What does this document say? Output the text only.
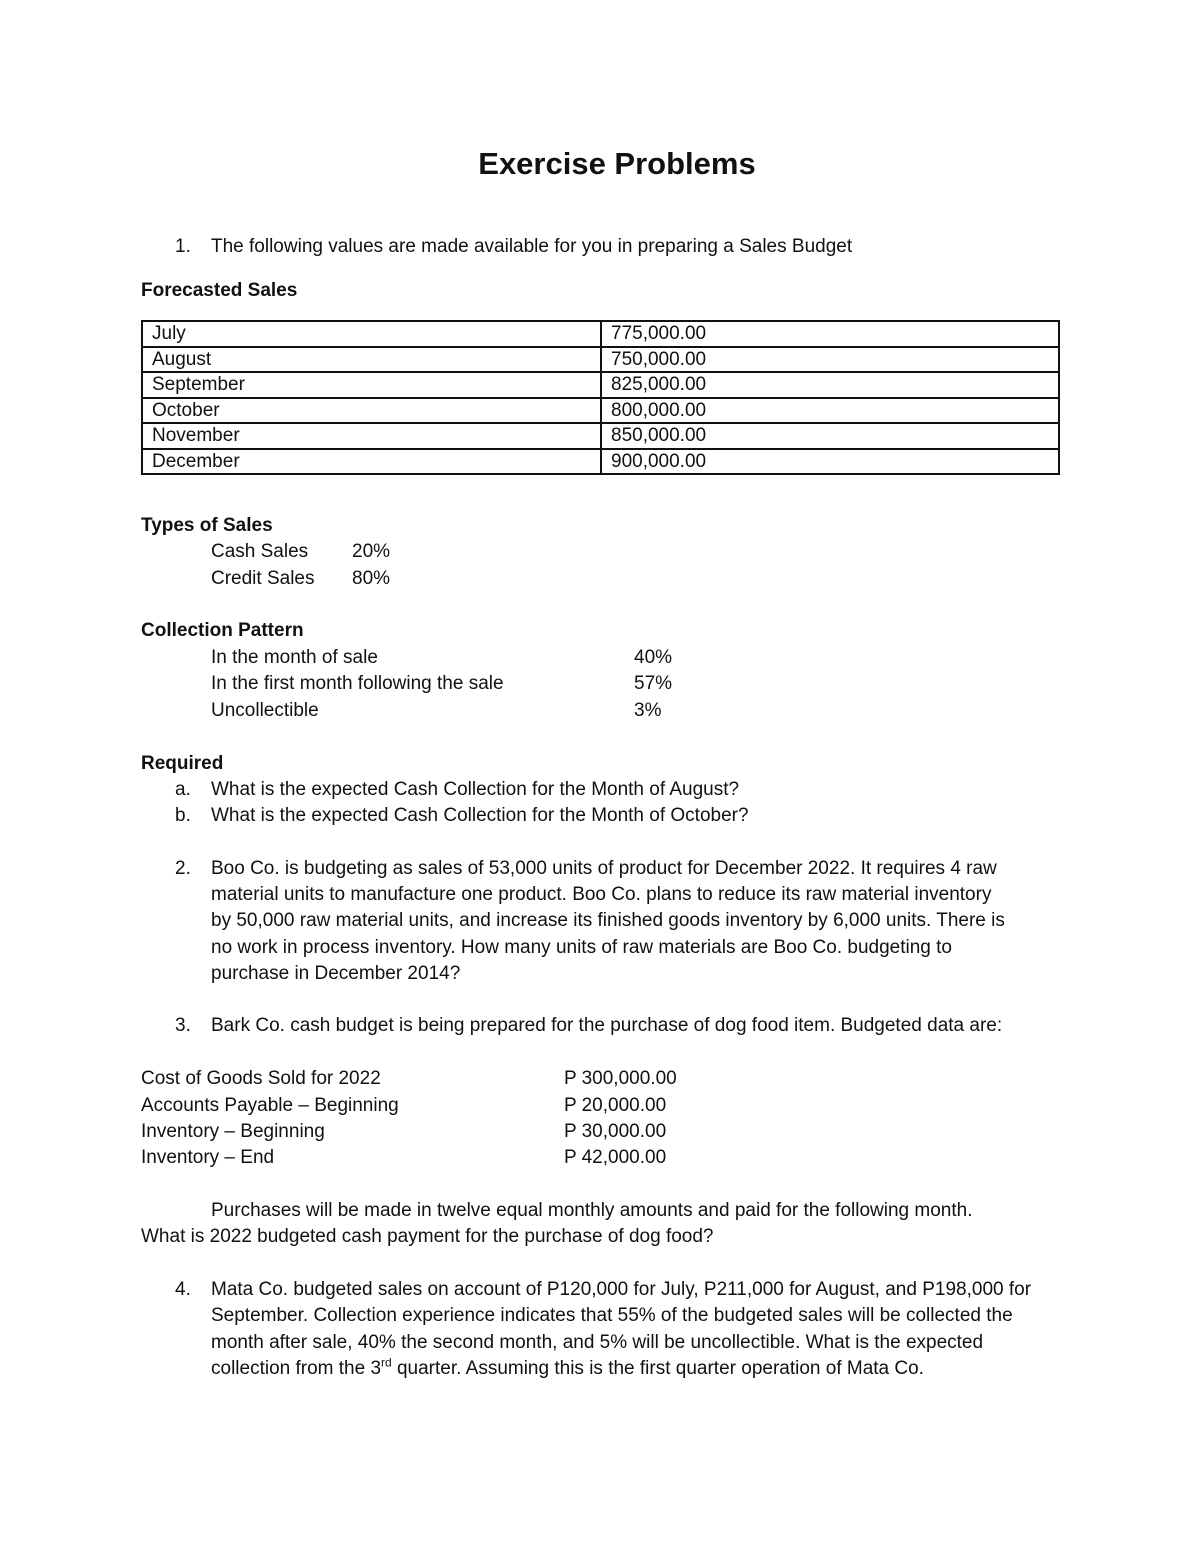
Exercise Problems
1. The following values are made available for you in preparing a Sales Budget
Forecasted Sales
July	775,000.00
August	750,000.00
September	825,000.00
October	800,000.00
November	850,000.00
December	900,000.00
Types of Sales
Cash Sales 20%
Credit Sales 80%
Collection Pattern
In the month of sale	40%
In the first month following the sale	57%
Uncollectible	3%
Required
a. What is the expected Cash Collection for the Month of August?
b. What is the expected Cash Collection for the Month of October?
2. Boo Co. is budgeting as sales of 53,000 units of product for December 2022. It requires 4 raw
material units to manufacture one product. Boo Co. plans to reduce its raw material inventory
by 50,000 raw material units, and increase its finished goods inventory by 6,000 units. There is
no work in process inventory. How many units of raw materials are Boo Co. budgeting to
purchase in December 2014?
3. Bark Co. cash budget is being prepared for the purchase of dog food item. Budgeted data are:
Cost of Goods Sold for 2022	P 300,000.00
Accounts Payable – Beginning	P 20,000.00
Inventory – Beginning	P 30,000.00
Inventory – End	P 42,000.00
Purchases will be made in twelve equal monthly amounts and paid for the following month.
What is 2022 budgeted cash payment for the purchase of dog food?
4. Mata Co. budgeted sales on account of P120,000 for July, P211,000 for August, and P198,000 for
September. Collection experience indicates that 55% of the budgeted sales will be collected the
month after sale, 40% the second month, and 5% will be uncollectible. What is the expected
collection from the 3rd quarter. Assuming this is the first quarter operation of Mata Co.
